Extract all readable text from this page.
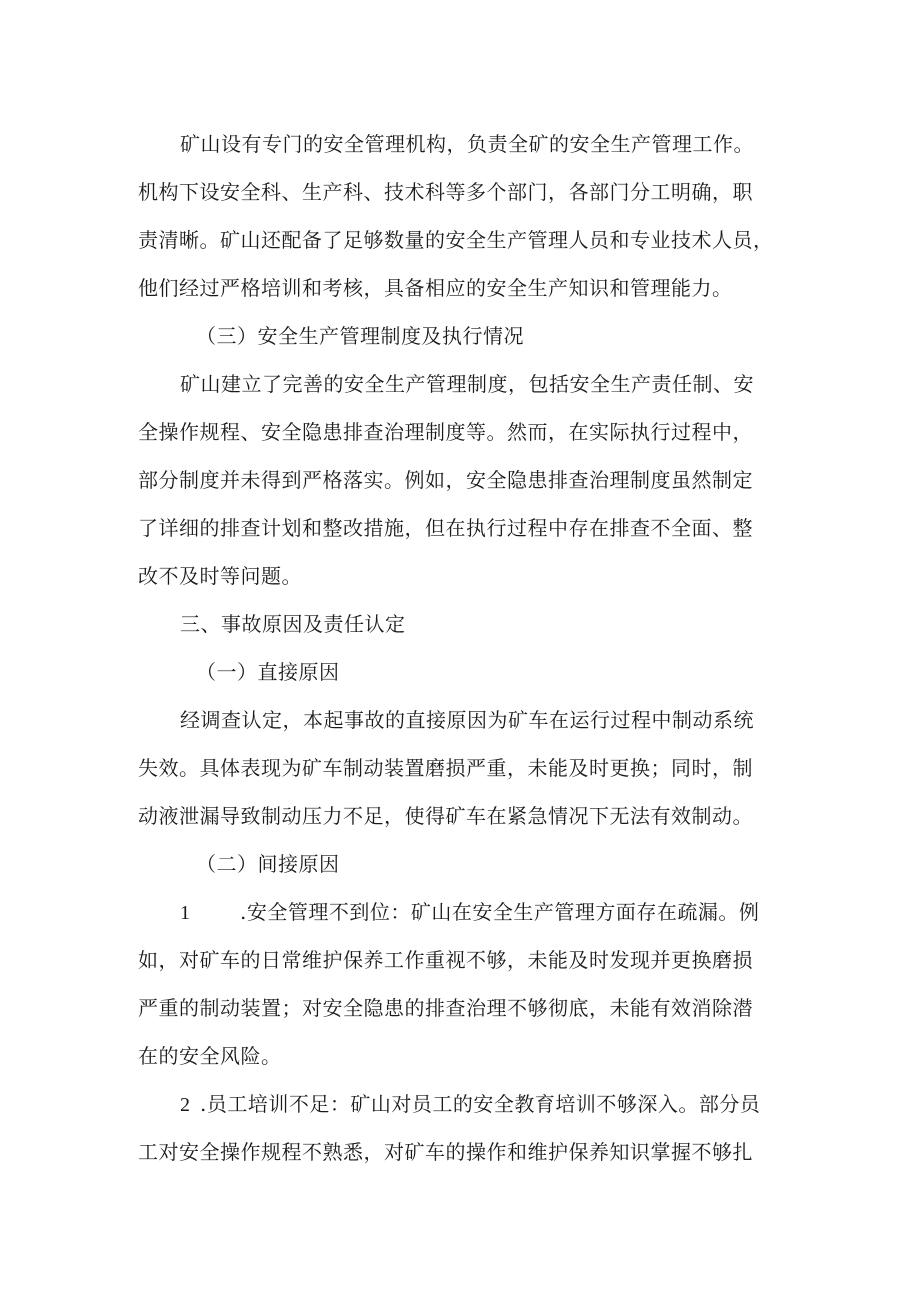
矿山设有专门的安全管理机构，负责全矿的安全生产管理工作。
机构下设安全科、生产科、技术科等多个部门，各部门分工明确，职
责清晰。矿山还配备了足够数量的安全生产管理人员和专业技术人员，
他们经过严格培训和考核，具备相应的安全生产知识和管理能力。
（三）安全生产管理制度及执行情况
矿山建立了完善的安全生产管理制度，包括安全生产责任制、安
全操作规程、安全隐患排查治理制度等。然而，在实际执行过程中，
部分制度并未得到严格落实。例如，安全隐患排查治理制度虽然制定
了详细的排查计划和整改措施，但在执行过程中存在排查不全面、整
改不及时等问题。
三、事故原因及责任认定
（一）直接原因
经调查认定，本起事故的直接原因为矿车在运行过程中制动系统
失效。具体表现为矿车制动装置磨损严重，未能及时更换；同时，制
动液泄漏导致制动压力不足，使得矿车在紧急情况下无法有效制动。
（二）间接原因
1 .安全管理不到位：矿山在安全生产管理方面存在疏漏。例
如，对矿车的日常维护保养工作重视不够，未能及时发现并更换磨损
严重的制动装置；对安全隐患的排查治理不够彻底，未能有效消除潜
在的安全风险。
2 .员工培训不足：矿山对员工的安全教育培训不够深入。部分员
工对安全操作规程不熟悉，对矿车的操作和维护保养知识掌握不够扎
